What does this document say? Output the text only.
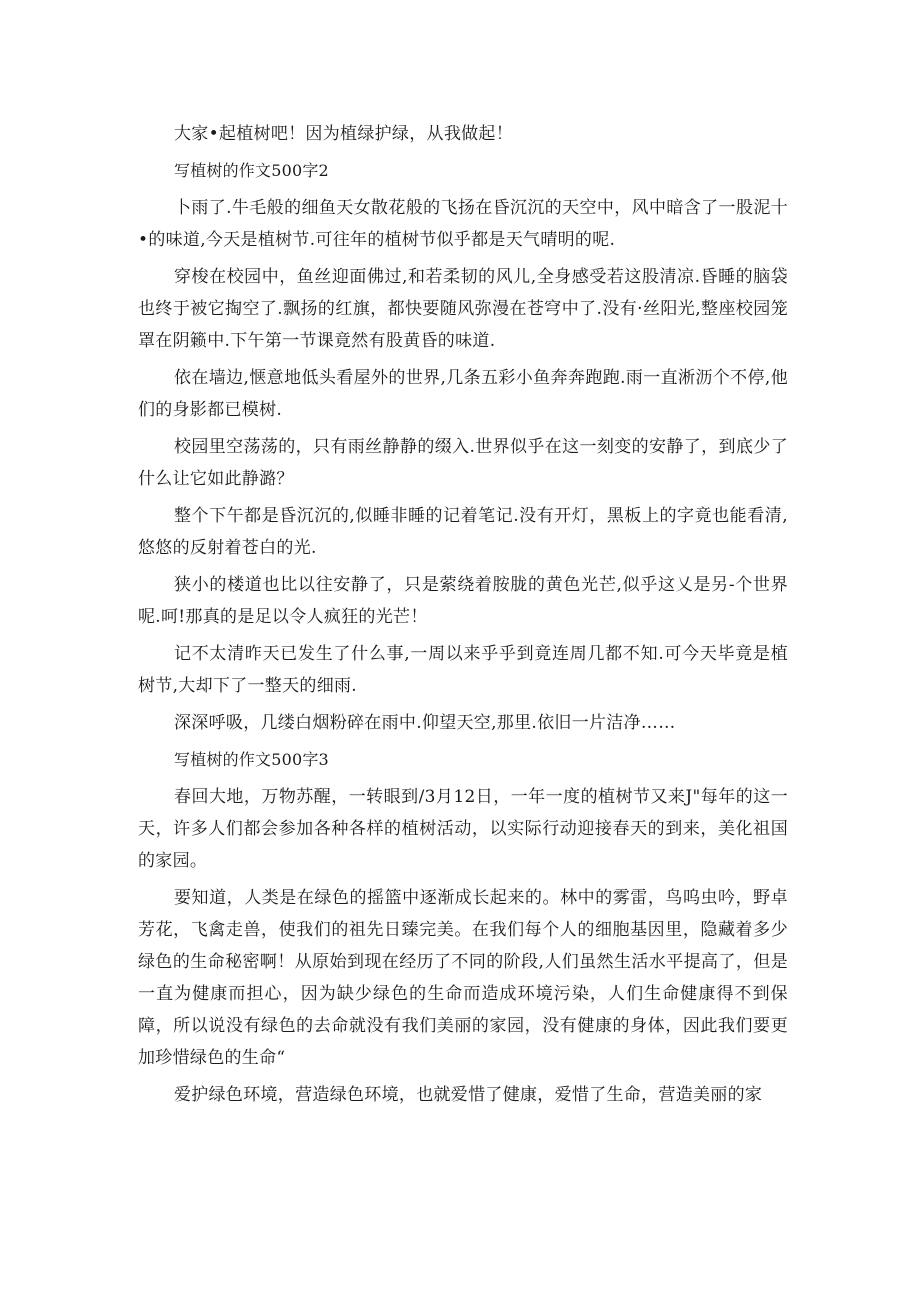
大家•起植树吧！因为植绿护绿，从我做起！

写植树的作文500字2

卜雨了.牛毛般的细鱼天女散花般的飞扬在昏沉沉的天空中，风中暗含了一股泥十•的味道,今天是植树节.可往年的植树节似乎都是天气晴明的呢.

穿梭在校园中，鱼丝迎面佛过,和若柔韧的风儿,全身感受若这股清凉.昏睡的脑袋也终于被它掏空了.飘扬的红旗，都快要随风弥漫在苍穹中了.没有·丝阳光,整座校园笼罩在阴籁中.下午第一节课竟然有股黄昏的味道.

依在墙边,惬意地低头看屋外的世界,几条五彩小鱼奔奔跑跑.雨一直淅沥个不停,他们的身影都已模树.

校园里空荡荡的，只有雨丝静静的缀入.世界似乎在这一刻变的安静了，到底少了什么让它如此静潞？

整个下午都是昏沉沉的,似睡非睡的记着笔记.没有开灯，黑板上的字竟也能看清,悠悠的反射着苍白的光.

狭小的楼道也比以往安静了，只是萦绕着胺胧的黄色光芒,似乎这乂是另-个世界呢.呵!那真的是足以令人疯狂的光芒！

记不太清昨天已发生了什么事,一周以来乎乎到竟连周几都不知.可今天毕竟是植树节,大却下了一整天的细雨.

深深呼吸，几缕白烟粉碎在雨中.仰望天空,那里.依旧一片洁净……

写植树的作文500字3

春回大地，万物苏醒，一转眼到/3月12日，一年一度的植树节又来J"每年的这一天，许多人们都会参加各种各样的植树活动，以实际行动迎接春天的到来，美化祖国的家园。

要知道，人类是在绿色的摇篮中逐渐成长起来的。林中的雾雷，鸟呜虫吟，野卓芳花，飞禽走兽，使我们的祖先日臻完美。在我们每个人的细胞基因里，隐藏着多少绿色的生命秘密啊！从原始到现在经历了不同的阶段,人们虽然生活水平提高了，但是一直为健康而担心，因为缺少绿色的生命而造成环境污染，人们生命健康得不到保障，所以说没有绿色的去命就没有我们美丽的家园，没有健康的身体，因此我们要更加珍惜绿色的生命“

爱护绿色环境，营造绿色环境，也就爱惜了健康，爱惜了生命，营造美丽的家
